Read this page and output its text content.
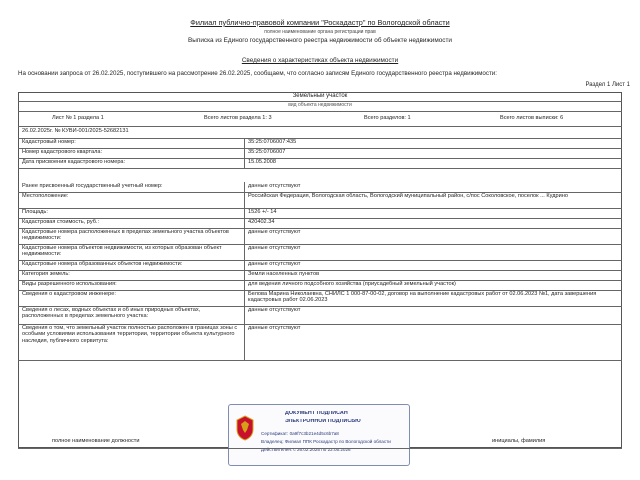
Филиал публично-правовой компании "Роскадастр" по Вологодской области
полное наименование органа регистрации прав
Выписка из Единого государственного реестра недвижимости об объекте недвижимости
Сведения о характеристиках объекта недвижимости
На основании запроса от 26.02.2025, поступившего на рассмотрение 26.02.2025, сообщаем, что согласно записям Единого государственного реестра недвижимости:
Раздел 1 Лист 1
Земельный участок
вид объекта недвижимости
Лист № 1 раздела 1	Всего листов раздела 1: 3	Всего разделов: 1	Всего листов выписки: 6
26.02.2025г. № КУВИ-001/2025-52682131
Кадастровый номер:	35:25:0706007:435
Номер кадастрового квартала:	35:25:0706007
Дата присвоения кадастрового номера:	15.05.2008
Ранее присвоенный государственный учетный номер:	данные отсутствуют
Местоположение:	Российская Федерация, Вологодская область, Вологодский муниципальный район, с/пос Соколовское, поселок ... Кудрино
Площадь:	1526 +/- 14
Кадастровая стоимость, руб.:	420402.34
Кадастровые номера расположенных в пределах земельного участка объектов недвижимости:
данные отсутствуют
Кадастровые номера объектов недвижимости, из которых образован объект недвижимости:
данные отсутствуют
Кадастровые номера образованных объектов недвижимости:	данные отсутствуют
Категория земель:	Земли населенных пунктов
Виды разрешенного использования:	для ведения личного подсобного хозяйства (приусадебный земельный участок)
Сведения о кадастровом инженере:	Белова Марина Николаевна, СНИЛС 1 000-87-00-02, договор на выполнение кадастровых работ от 02.06.2023 №1, дата завершения кадастровых работ 02.06.2023
Сведения о лесах, водных объектах и об иных природных объектах, расположенных в пределах земельного участка:
данные отсутствуют
Сведения о том, что земельный участок полностью расположен в границах зоны с особыми условиями использования территории, территории объекта культурного наследия, публичного сервитута:
данные отсутствуют
ДОКУМЕНТ ПОДПИСАН
ЭЛЕКТРОННОЙ ПОДПИСЬЮ
Сертификат: 0a9f7c3b21e4d5c6b7a8
Владелец: Филиал ППК Роскадастр по Вологодской области
Действителен: с 26.02.2025 по 22.05.2026
полное наименование должности	инициалы, фамилия
